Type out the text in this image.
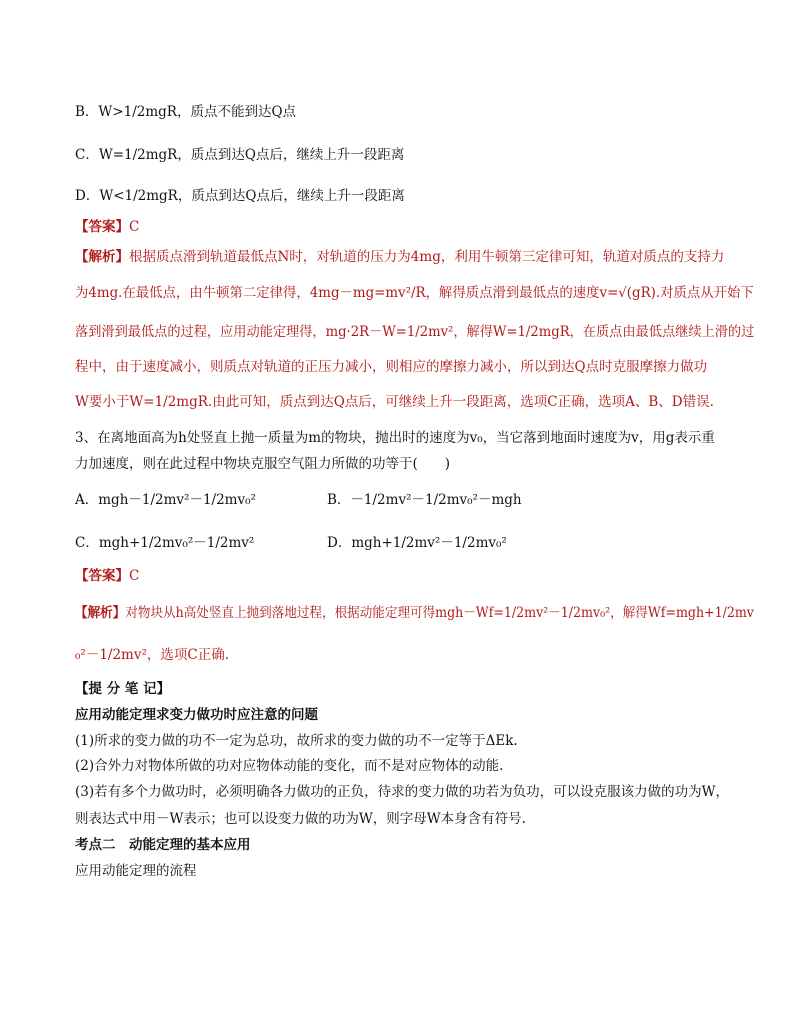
B．W>1/2mgR，质点不能到达Q点
C．W=1/2mgR，质点到达Q点后，继续上升一段距离
D．W<1/2mgR，质点到达Q点后，继续上升一段距离
【答案】C
【解析】根据质点滑到轨道最低点N时，对轨道的压力为4mg，利用牛顿第三定律可知，轨道对质点的支持力
为4mg.在最低点，由牛顿第二定律得，4mg－mg=mv²/R，解得质点滑到最低点的速度v=√(gR).对质点从开始下
落到滑到最低点的过程，应用动能定理得，mg·2R－W=1/2mv²，解得W=1/2mgR，在质点由最低点继续上滑的过
程中，由于速度减小，则质点对轨道的正压力减小，则相应的摩擦力减小，所以到达Q点时克服摩擦力做功
W要小于W=1/2mgR.由此可知，质点到达Q点后，可继续上升一段距离，选项C正确，选项A、B、D错误.
3、在离地面高为h处竖直上抛一质量为m的物块，抛出时的速度为v₀，当它落到地面时速度为v，用g表示重
力加速度，则在此过程中物块克服空气阻力所做的功等于(　　)
A．mgh－1/2mv²－1/2mv₀²	B．－1/2mv²－1/2mv₀²－mgh
C．mgh+1/2mv₀²－1/2mv²	D．mgh+1/2mv²－1/2mv₀²
【答案】C
【解析】对物块从h高处竖直上抛到落地过程，根据动能定理可得mgh－Wf=1/2mv²－1/2mv₀²，解得Wf=mgh+1/2mv
₀²－1/2mv²，选项C正确.
【提 分 笔 记】
应用动能定理求变力做功时应注意的问题
(1)所求的变力做的功不一定为总功，故所求的变力做的功不一定等于ΔEk.
(2)合外力对物体所做的功对应物体动能的变化，而不是对应物体的动能.
(3)若有多个力做功时，必须明确各力做功的正负，待求的变力做的功若为负功，可以设克服该力做的功为W，
则表达式中用－W表示；也可以设变力做的功为W，则字母W本身含有符号.
考点二　动能定理的基本应用
应用动能定理的流程
